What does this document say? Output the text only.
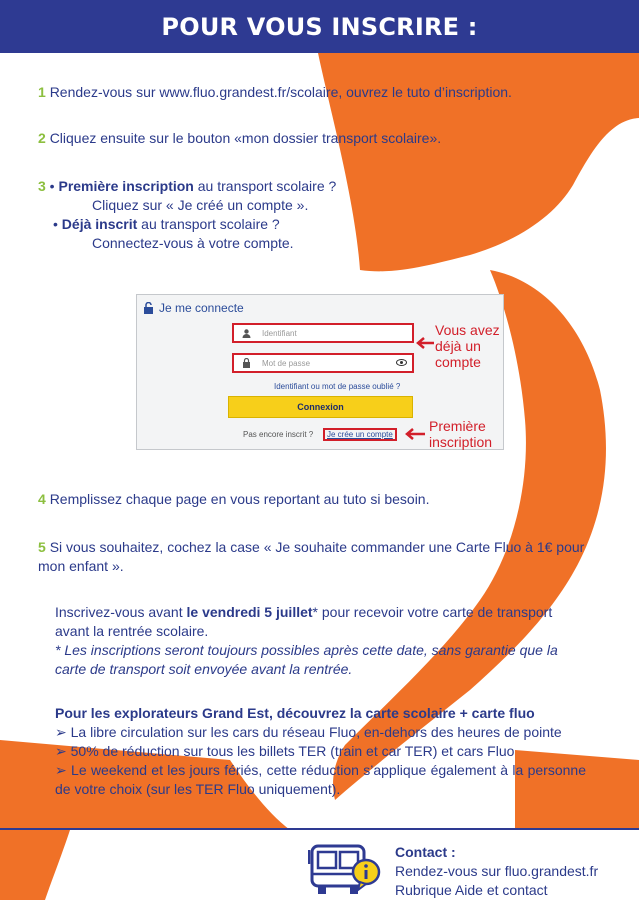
POUR VOUS INSCRIRE :
1 Rendez-vous sur www.fluo.grandest.fr/scolaire, ouvrez le tuto d’inscription.
2 Cliquez ensuite sur le bouton «mon dossier transport scolaire».
3 • Première inscription au transport scolaire ?
Cliquez sur « Je créé un compte ».
• Déjà inscrit au transport scolaire ?
Connectez-vous à votre compte.
4 Remplissez chaque page en vous reportant au tuto si besoin.
5 Si vous souhaitez, cochez la case « Je souhaite commander une Carte Fluo à 1€ pour mon enfant ».
Je me connecte
Identifiant
Mot de passe
Identifiant ou mot de passe oublié ?
Connexion
Pas encore inscrit ?	Je crée un compte
Vous avez
déjà un
compte
Première
inscription
Inscrivez-vous avant le vendredi 5 juillet* pour recevoir votre carte de transport avant la rentrée scolaire.
* Les inscriptions seront toujours possibles après cette date, sans garantie que la carte de transport soit envoyée avant la rentrée.
Pour les explorateurs Grand Est, découvrez la carte scolaire + carte fluo
➢ La libre circulation sur les cars du réseau Fluo, en-dehors des heures de pointe
➢ 50% de réduction sur tous les billets TER (train et car TER) et cars Fluo
➢ Le weekend et les jours fériés, cette réduction s’applique également à la personne de votre choix (sur les TER Fluo uniquement).
Contact :
Rendez-vous sur fluo.grandest.fr
Rubrique Aide et contact
